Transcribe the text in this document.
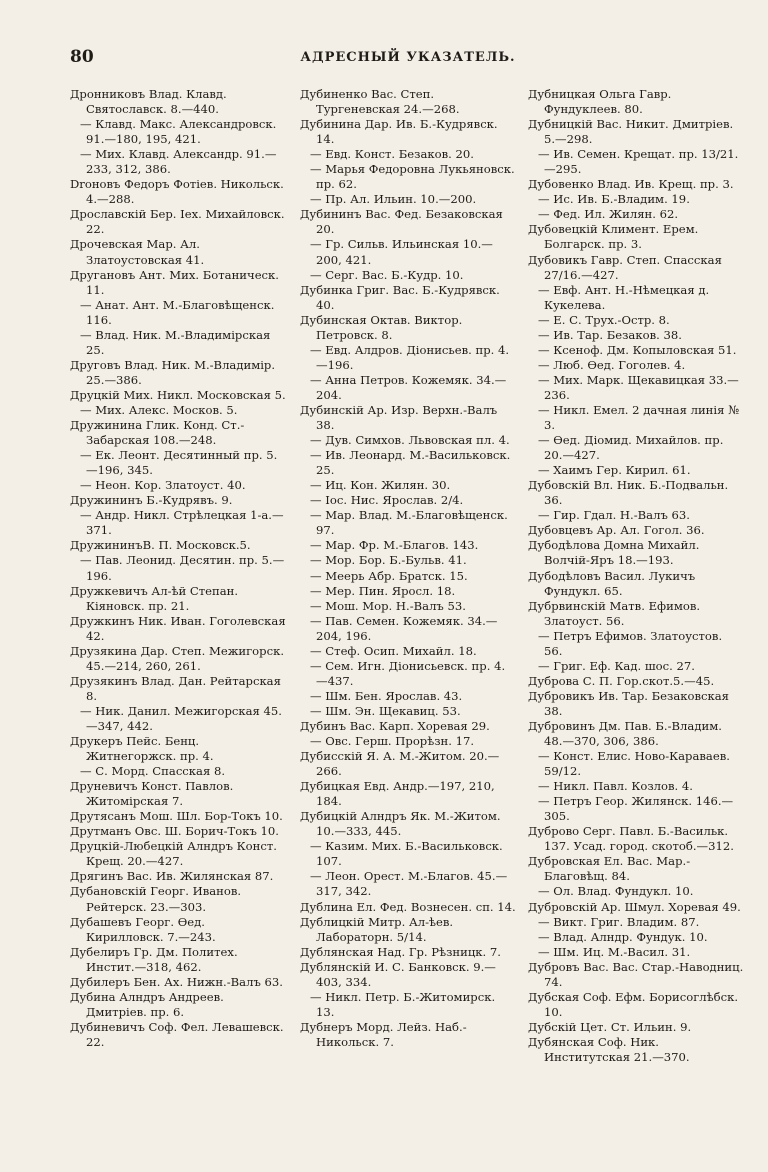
80	АДРЕСНЫЙ УКАЗАТЕЛЬ.
Дронниковъ Влад. Клавд. Святославск. 8.—440.
— Клавд. Макс. Александровск. 91.—180, 195, 421.
— Мих. Клавд. Александр. 91.—233, 312, 386.
Droновъ Федоръ Фотіев. Никольск. 4.—288.
Дрославскій Бер. Іех. Михайловск. 22.
Дрочевская Мар. Ал. Златоустовская 41.
Другановъ Ант. Мих. Ботаническ. 11.
— Анат. Ант. М.-Благовѣщенск. 116.
— Влад. Ник. М.-Владимірская 25.
Друговъ Влад. Ник. М.-Владимір. 25.—386.
Друцкій Мих. Никл. Московская 5.
— Мих. Алекс. Москов. 5.
Дружинина Глик. Конд. Ст.-Забарская 108.—248.
— Ек. Леонт. Десятинный пр. 5.—196, 345.
— Неон. Кор. Златоуст. 40.
Дружининъ Б.-Кудрявъ. 9.
— Андр. Никл. Стрѣлецкая 1-а.—371.
ДружининъВ. П. Московск.5.
— Пав. Леонид. Десятин. пр. 5.—196.
Дружкевичъ Ал-ѣй Степан. Кіяновск. пр. 21.
Дружкинъ Ник. Иван. Гоголевская 42.
Друзякина Дар. Степ. Межигорск. 45.—214, 260, 261.
Друзякинъ Влад. Дан. Рейтарская 8.
— Ник. Данил. Межигорская 45.—347, 442.
Друкеръ Пейс. Бенц. Житнегоржск. пр. 4.
— С. Морд. Спасская 8.
Друневичъ Конст. Павлов. Житомірская 7.
Друтясанъ Мош. Шл. Бор-Токъ 10.
Друтманъ Овс. Ш. Борич-Токъ 10.
Друцкій-Любецкій Алндръ Конст. Крещ. 20.—427.
Дрягинъ Вас. Ив. Жилянская 87.
Дубановскій Георг. Иванов. Рейтерск. 23.—303.
Дубашевъ Георг. Өед. Кирилловск. 7.—243.
Дубелиръ Гр. Дм. Политех. Инстит.—318, 462.
Дубилеръ Бен. Ах. Нижн.-Валъ 63.
Дубина Алндръ Андреев. Дмитріев. пр. 6.
Дубиневичъ Соф. Фел. Левашевск. 22.
Дубиненко Вас. Степ. Тургеневская 24.—268.
Дубинина Дар. Ив. Б.-Кудрявск. 14.
— Евд. Конст. Безаков. 20.
— Марья Федоровна Лукьяновск. пр. 62.
— Пр. Ал. Ильин. 10.—200.
Дубининъ Вас. Фед. Безаковская 20.
— Гр. Сильв. Ильинская 10.—200, 421.
— Серг. Вас. Б.-Кудр. 10.
Дубинка Григ. Вас. Б.-Кудрявск. 40.
Дубинская Октав. Виктор. Петровск. 8.
— Евд. Алдров. Діонисьев. пр. 4.—196.
— Анна Петров. Кожемяк. 34.—204.
Дубинскій Ар. Изр. Верхн.-Валъ 38.
— Дув. Симхов. Львовская пл. 4.
— Ив. Леонард. М.-Васильковск. 25.
— Иц. Кон. Жилян. 30.
— Іос. Нис. Ярослав. 2/4.
— Мар. Влад. М.-Благовѣщенск. 97.
— Мар. Фр. М.-Благов. 143.
— Мор. Бор. Б.-Бульв. 41.
— Меерь Абр. Братск. 15.
— Мер. Пин. Яросл. 18.
— Мош. Мор. Н.-Валъ 53.
— Пав. Семен. Кожемяк. 34.—204, 196.
— Стеф. Осип. Михайл. 18.
— Сем. Игн. Діонисьевск. пр. 4.—437.
— Шм. Бен. Ярослав. 43.
— Шм. Эн. Щекавиц. 53.
Дубинъ Вас. Карп. Хоревая 29.
— Овс. Герш. Прорѣзн. 17.
Дубисскій Я. А. М.-Житом. 20.—266.
Дубицкая Евд. Андр.—197, 210, 184.
Дубицкій Алндръ Як. М.-Житом. 10.—333, 445.
— Казим. Мих. Б.-Васильковск. 107.
— Леон. Орест. М.-Благов. 45.—317, 342.
Дублина Ел. Фед. Вознесен. сп. 14.
Дублицкій Митр. Ал-ѣев. Лабораторн. 5/14.
Дублянская Над. Гр. Рѣзницк. 7.
Дублянскій И. С. Банковск. 9.—403, 334.
— Никл. Петр. Б.-Житомирск. 13.
Дубнеръ Морд. Лейз. Наб.-Никольск. 7.
Дубницкая Ольга Гавр. Фундуклеев. 80.
Дубницкій Вас. Никит. Дмитріев. 5.—298.
— Ив. Семен. Крещат. пр. 13/21.—295.
Дубовенко Влад. Ив. Крещ. пр. 3.
— Ис. Ив. Б.-Владим. 19.
— Фед. Ил. Жилян. 62.
Дубовецкій Климент. Ерем. Болгарск. пр. 3.
Дубовикъ Гавр. Степ. Спасская 27/16.—427.
— Евф. Ант. Н.-Нѣмецкая д. Кукелева.
— Е. С. Трух.-Остр. 8.
— Ив. Тар. Безаков. 38.
— Ксеноф. Дм. Копыловская 51.
— Люб. Өед. Гоголев. 4.
— Мих. Марк. Щекавицкая 33.—236.
— Никл. Емел. 2 дачная линія № 3.
— Өед. Діомид. Михайлов. пр. 20.—427.
— Хаимъ Гер. Кирил. 61.
Дубовскій Вл. Ник. Б.-Подвальн. 36.
— Гир. Гдал. Н.-Валъ 63.
Дубовцевъ Ар. Ал. Гогол. 36.
Дубодѣлова Домна Михайл. Волчій-Яръ 18.—193.
Дубодѣловъ Васил. Лукичъ Фундукл. 65.
Дубрвинскій Матв. Ефимов. Златоуст. 56.
— Петръ Ефимов. Златоустов. 56.
— Григ. Еф. Кад. шос. 27.
Дуброва С. П. Гор.скот.5.—45.
Дубровикъ Ив. Тар. Безаковская 38.
Дубровинъ Дм. Пав. Б.-Владим. 48.—370, 306, 386.
— Конст. Елис. Ново-Караваев. 59/12.
— Никл. Павл. Козлов. 4.
— Петръ Геор. Жилянск. 146.—305.
Дуброво Серг. Павл. Б.-Васильк. 137. Усад. город. скотоб.—312.
Дубровская Ел. Вас. Мар.-Благовѣщ. 84.
— Ол. Влад. Фундукл. 10.
Дубровскій Ар. Шмул. Хоревая 49.
— Викт. Григ. Владим. 87.
— Влад. Алндр. Фундук. 10.
— Шм. Иц. М.-Васил. 31.
Дубровъ Вас. Вас. Стар.-Наводниц. 74.
Дубская Соф. Ефм. Борисоглѣбск. 10.
Дубскій Цет. Ст. Ильин. 9.
Дубянская Соф. Ник. Институтская 21.—370.
